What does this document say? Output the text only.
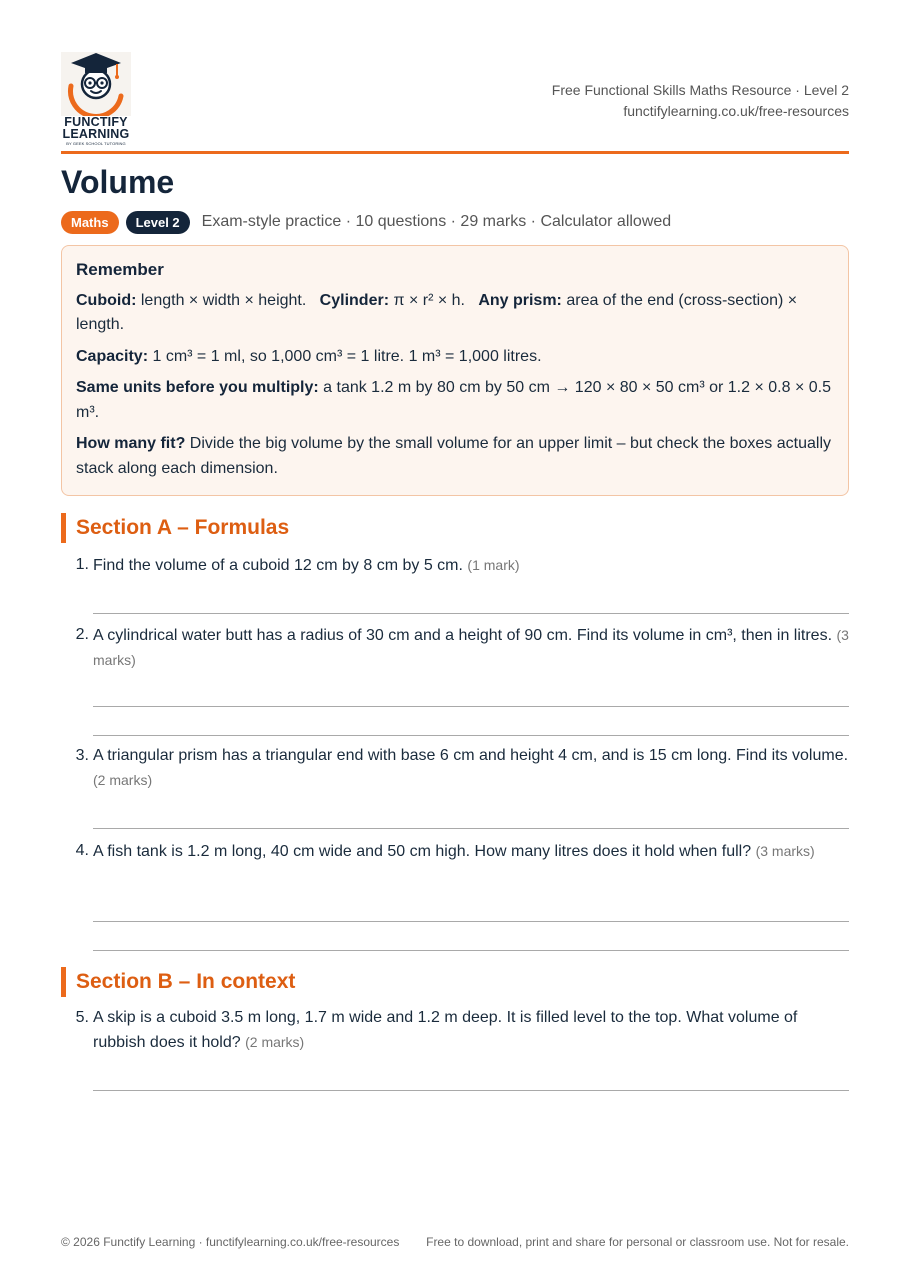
FUNCTIFY
LEARNING
BY GEEK SCHOOL TUTORING
Free Functional Skills Maths Resource · Level 2
functifylearning.co.uk/free-resources
Volume
Maths	Level 2	Exam-style practice · 10 questions · 29 marks · Calculator allowed
Remember

Cuboid: length × width × height. Cylinder: π × r² × h. Any prism: area of the end (cross-section) × length.

Capacity: 1 cm³ = 1 ml, so 1,000 cm³ = 1 litre. 1 m³ = 1,000 litres.

Same units before you multiply: a tank 1.2 m by 80 cm by 50 cm → 120 × 80 × 50 cm³ or 1.2 × 0.8 × 0.5 m³.

How many fit? Divide the big volume by the small volume for an upper limit – but check the boxes actually stack along each dimension.

Section A – Formulas
1. Find the volume of a cuboid 12 cm by 8 cm by 5 cm. (1 mark)
2. A cylindrical water butt has a radius of 30 cm and a height of 90 cm. Find its volume in cm³, then in litres. (3 marks)
3. A triangular prism has a triangular end with base 6 cm and height 4 cm, and is 15 cm long. Find its volume. (2 marks)
4. A fish tank is 1.2 m long, 40 cm wide and 50 cm high. How many litres does it hold when full? (3 marks)
Section B – In context
5. A skip is a cuboid 3.5 m long, 1.7 m wide and 1.2 m deep. It is filled level to the top. What volume of rubbish does it hold? (2 marks)
© 2026 Functify Learning · functifylearning.co.uk/free-resources	Free to download, print and share for personal or classroom use. Not for resale.
